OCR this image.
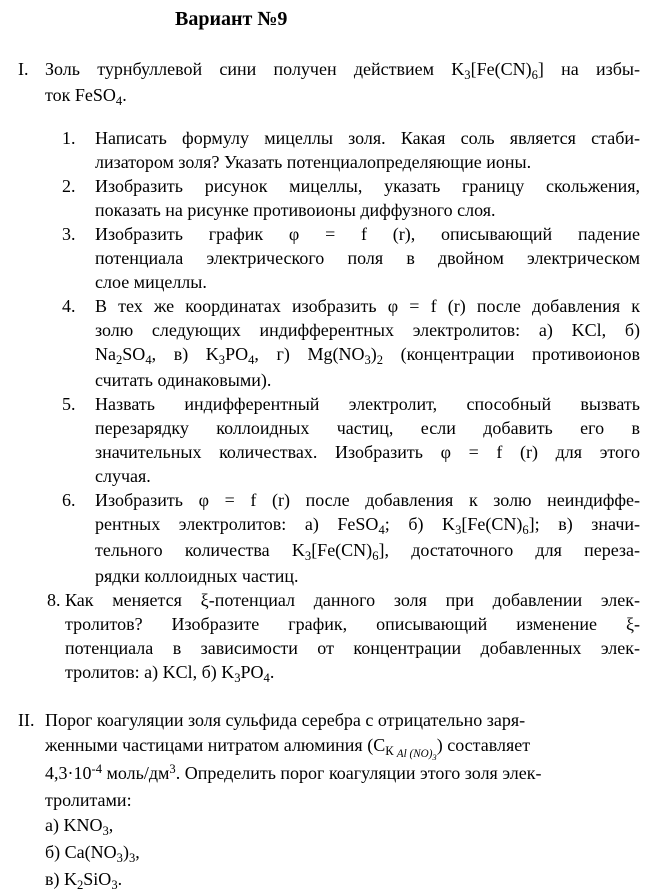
Вариант №9
I. Золь турнбуллевой сини получен действием K3[Fe(CN)6] на избы-
ток FeSO4.
1. Написать формулу мицеллы золя. Какая соль является стаби-
лизатором золя? Указать потенциалопределяющие ионы.
2. Изобразить рисунок мицеллы, указать границу скольжения,
показать на рисунке противоионы диффузного слоя.
3. Изобразить график φ = f (r), описывающий падение
потенциала электрического поля в двойном электрическом
слое мицеллы.
4. В тех же координатах изобразить φ = f (r) после добавления к
золю следующих индифферентных электролитов: а) KCl, б)
Na2SO4, в) K3PO4, г) Mg(NO3)2 (концентрации противоионов
считать одинаковыми).
5. Назвать индифферентный электролит, способный вызвать
перезарядку коллоидных частиц, если добавить его в
значительных количествах. Изобразить φ = f (r) для этого
случая.
6. Изобразить φ = f (r) после добавления к золю неиндиффе-
рентных электролитов: а) FeSO4; б) K3[Fe(CN)6]; в) значи-
тельного количества K3[Fe(CN)6], достаточного для переза-
рядки коллоидных частиц.
8. Как меняется ξ-потенциал данного золя при добавлении элек-
тролитов? Изобразите график, описывающий изменение ξ-
потенциала в зависимости от концентрации добавленных элек-
тролитов: а) KCl, б) K3PO4.
II. Порог коагуляции золя сульфида серебра с отрицательно заря-
женными частицами нитратом алюминия (CК $_{Al (NO)3}$) составляет
$4,3\cdot 10^{-4}$ моль/$дм^3$. Определить порог коагуляции этого золя элек-
тролитами:
а) KNO3,
б) Ca(NO3)3,
в) K2SiO3.
